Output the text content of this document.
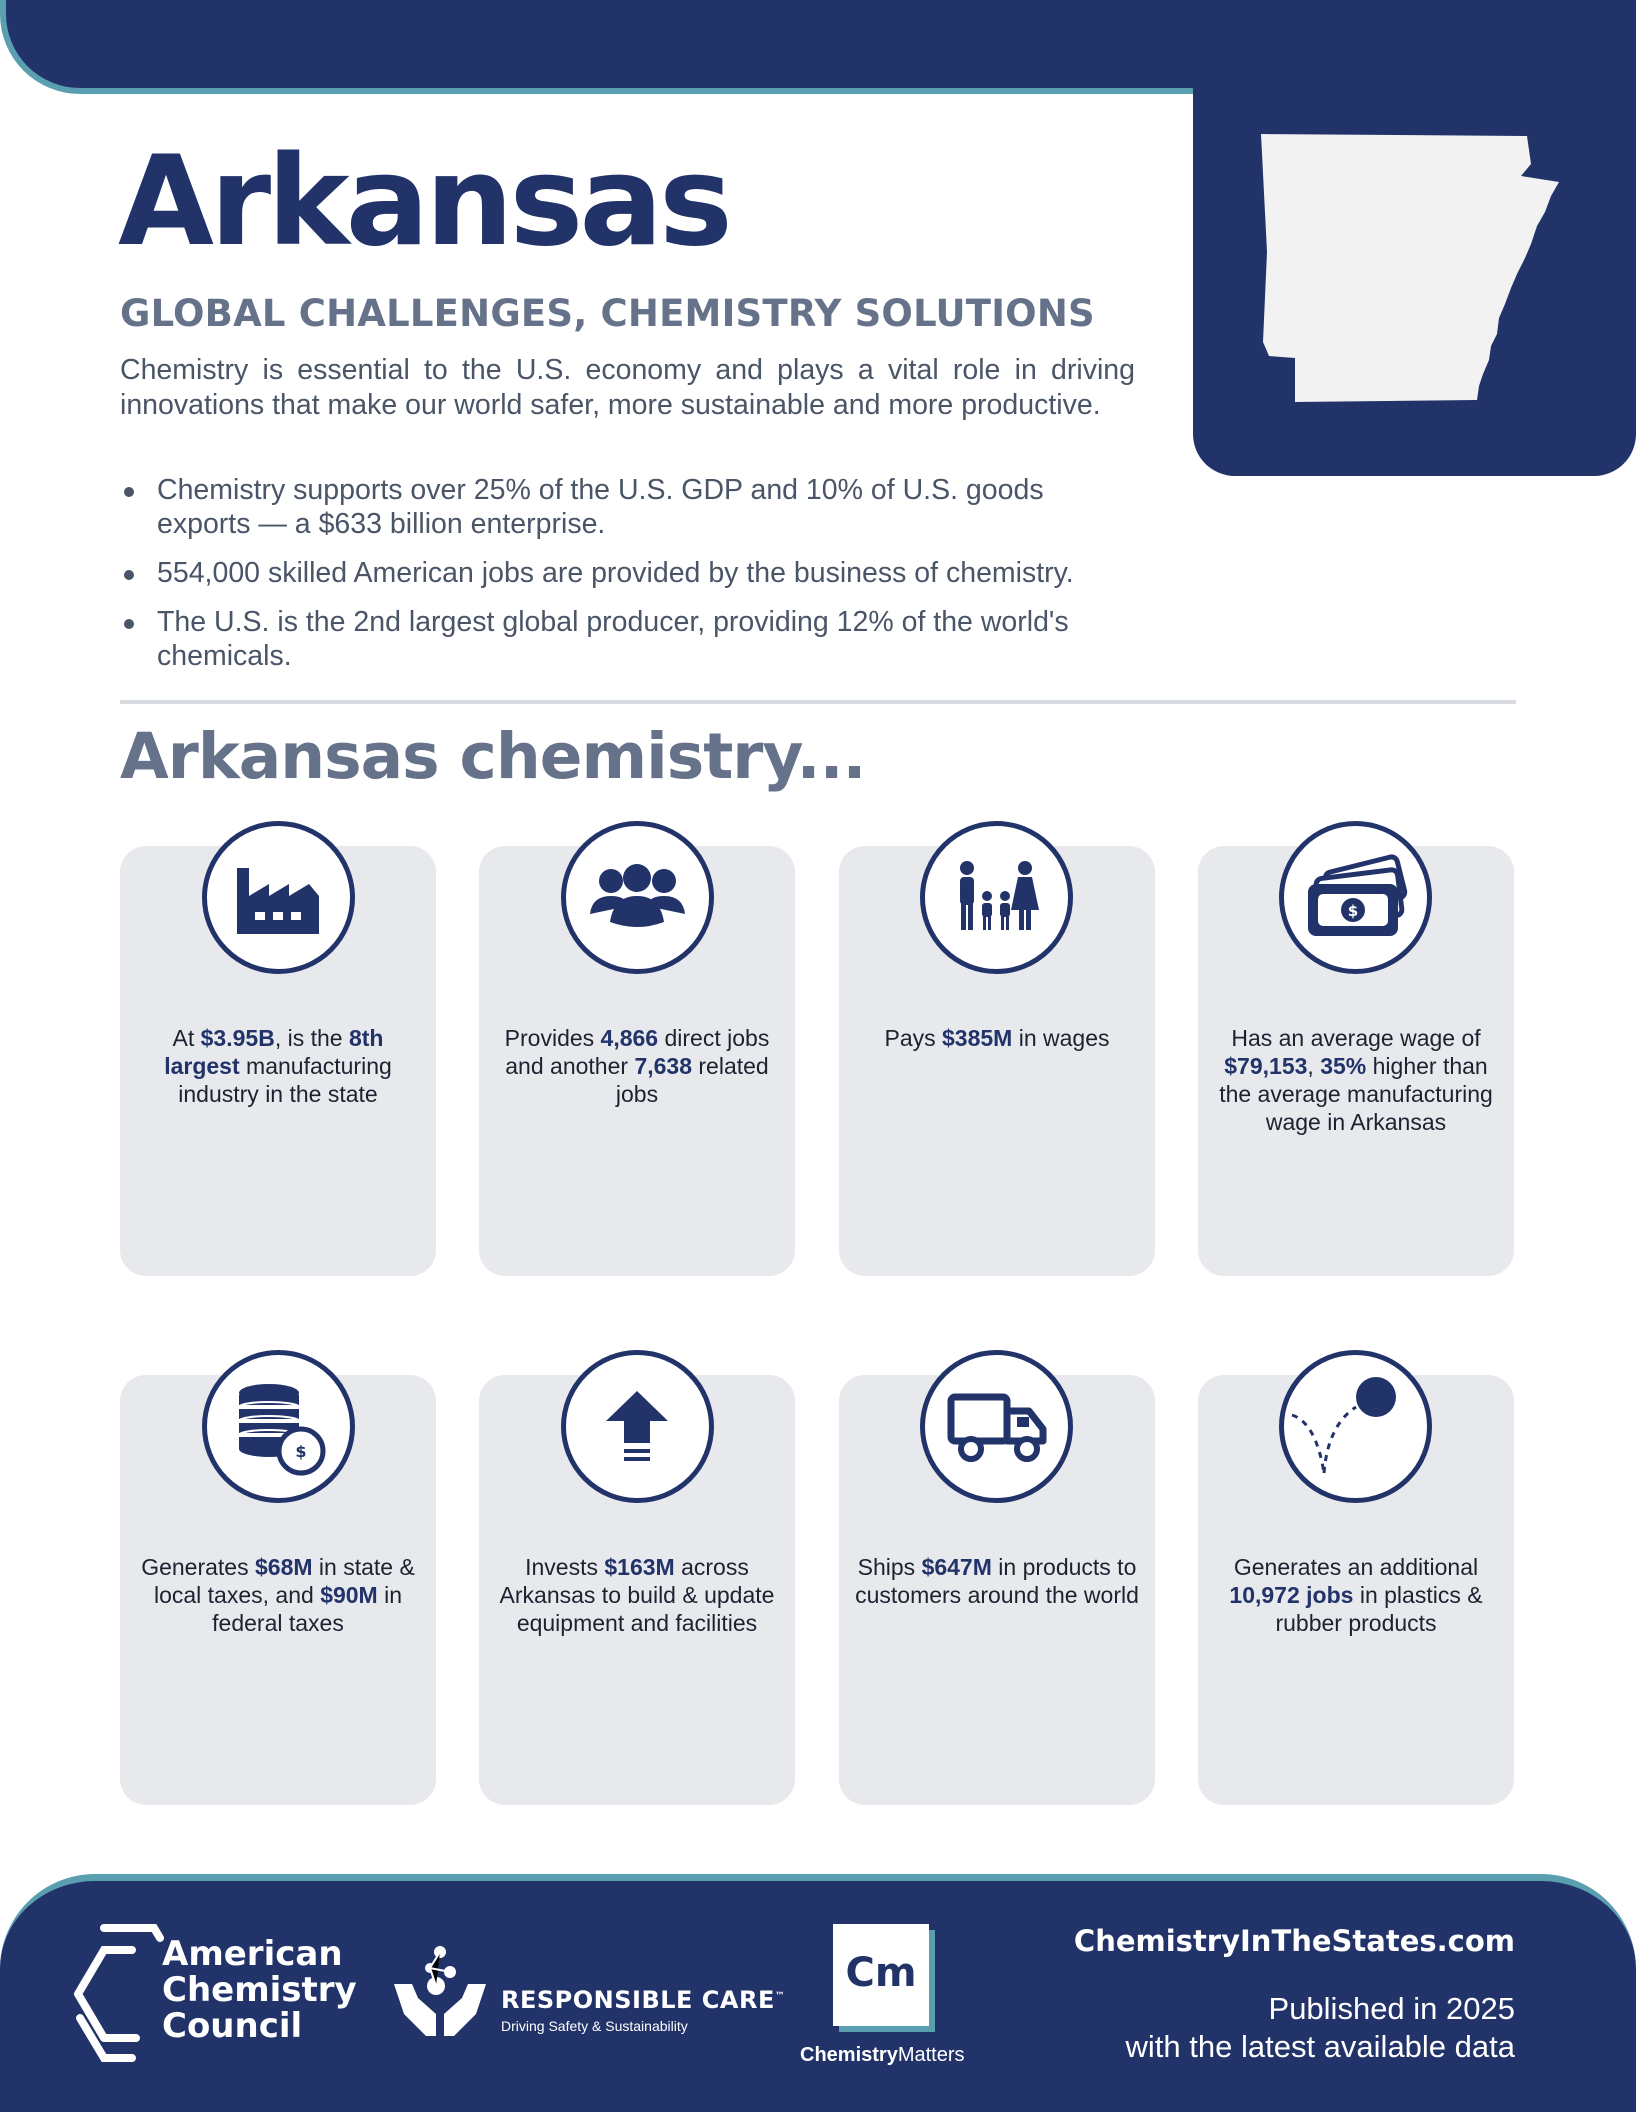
Arkansas
GLOBAL CHALLENGES, CHEMISTRY SOLUTIONS

Chemistry is essential to the U.S. economy and plays a vital role in driving innovations that make our world safer, more sustainable and more productive.

Chemistry supports over 25% of the U.S. GDP and 10% of U.S. goods exports — a $633 billion enterprise.
554,000 skilled American jobs are provided by the business of chemistry.
The U.S. is the 2nd largest global producer, providing 12% of the world's chemicals.
Arkansas chemistry...
$
$
At $3.95B, is the 8th largest manufacturing industry in the state
Provides 4,866 direct jobs and another 7,638 related jobs
Pays $385M in wages	Has an average wage of $79,153, 35% higher than the average manufacturing wage in Arkansas
Generates $68M in state & local taxes, and $90M in federal taxes
Invests $163M across Arkansas to build & update equipment and facilities
Ships $647M in products to customers around the world
Generates an additional 10,972 jobs in plastics & rubber products
American
Chemistry
Council
RESPONSIBLE CARE™
Driving Safety & Sustainability
Cm
ChemistryMatters
ChemistryInTheStates.com
Published in 2025
with the latest available data
